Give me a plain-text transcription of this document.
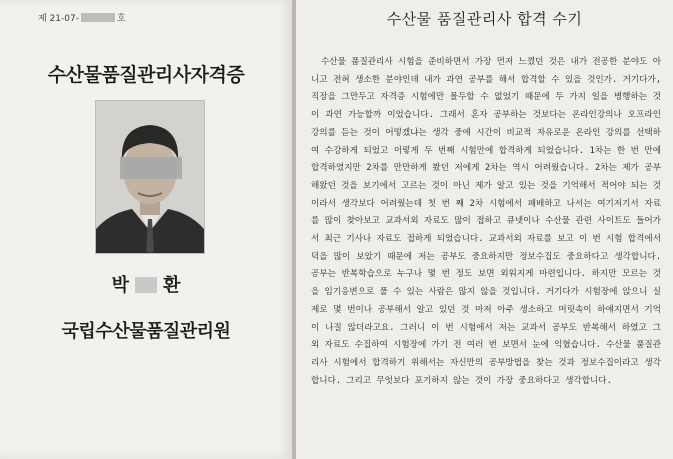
제 21-07-	호
수산물품질관리사자격증
박 환
국립수산물품질관리원
수산물 품질관리사 합격 수기

수산물 품질관리사 시험을 준비하면서 가장 먼저 느꼈던 것은 내가 전공한 분야도 아니고 전혀 생소한 분야인데 내가 과연 공부를 해서 합격할 수 있을 것인가. 거기다가, 직장을 그만두고 자격증 시험에만 몰두할 수 없었기 때문에 두 가지 일을 병행하는 것이 과연 가능할까 이었습니다. 그래서 혼자 공부하는 것보다는 온라인강의나 오프라인강의를 듣는 것이 어떻겠냐는 생각 중에 시간이 비교적 자유로운 온라인 강의를 선택하여 수강하게 되었고 이렇게 두 번째 시험만에 합격하게 되었습니다. 1차는 한 번 만에 합격하였지만 2차를 만만하게 봤던 저에게 2차는 역시 어려웠습니다. 2차는 제가 공부해왔던 것을 보기에서 고르는 것이 아닌 제가 알고 있는 것을 기억해서 적어야 되는 것이라서 생각보다 어려웠는데 첫 번 째 2차 시험에서 패배하고 나서는 여기저기서 자료를 많이 찾아보고 교과서외 자료도 많이 접하고 큐넷이나 수산물 관련 사이트도 들어가서 최근 기사나 자료도 접하게 되었습니다. 교과서외 자료를 보고 이 번 시험 합격에서 덕을 많이 보았기 때문에 저는 공부도 중요하지만 정보수집도 중요하다고 생각합니다. 공부는 반복학습으로 누구나 몇 번 정도 보면 외워지게 마련입니다. 하지만 모르는 것을 임기응변으로 풀 수 있는 사람은 많지 않을 것입니다. 거기다가 시험장에 앉으니 실제로 몇 번이나 공부해서 알고 있던 것 마저 아주 생소하고 머릿속이 하얘지면서 기억이 나질 않더라고요. 그러니 이 번 시험에서 저는 교과서 공부도 반복해서 하였고 그 외 자료도 수집하여 시험장에 가기 전 여러 번 보면서 눈에 익혔습니다. 수산물 품질관리사 시험에서 합격하기 위해서는 자신만의 공부방법을 찾는 것과 정보수집이라고 생각합니다. 그리고 무엇보다 포기하지 않는 것이 가장 중요하다고 생각합니다.
